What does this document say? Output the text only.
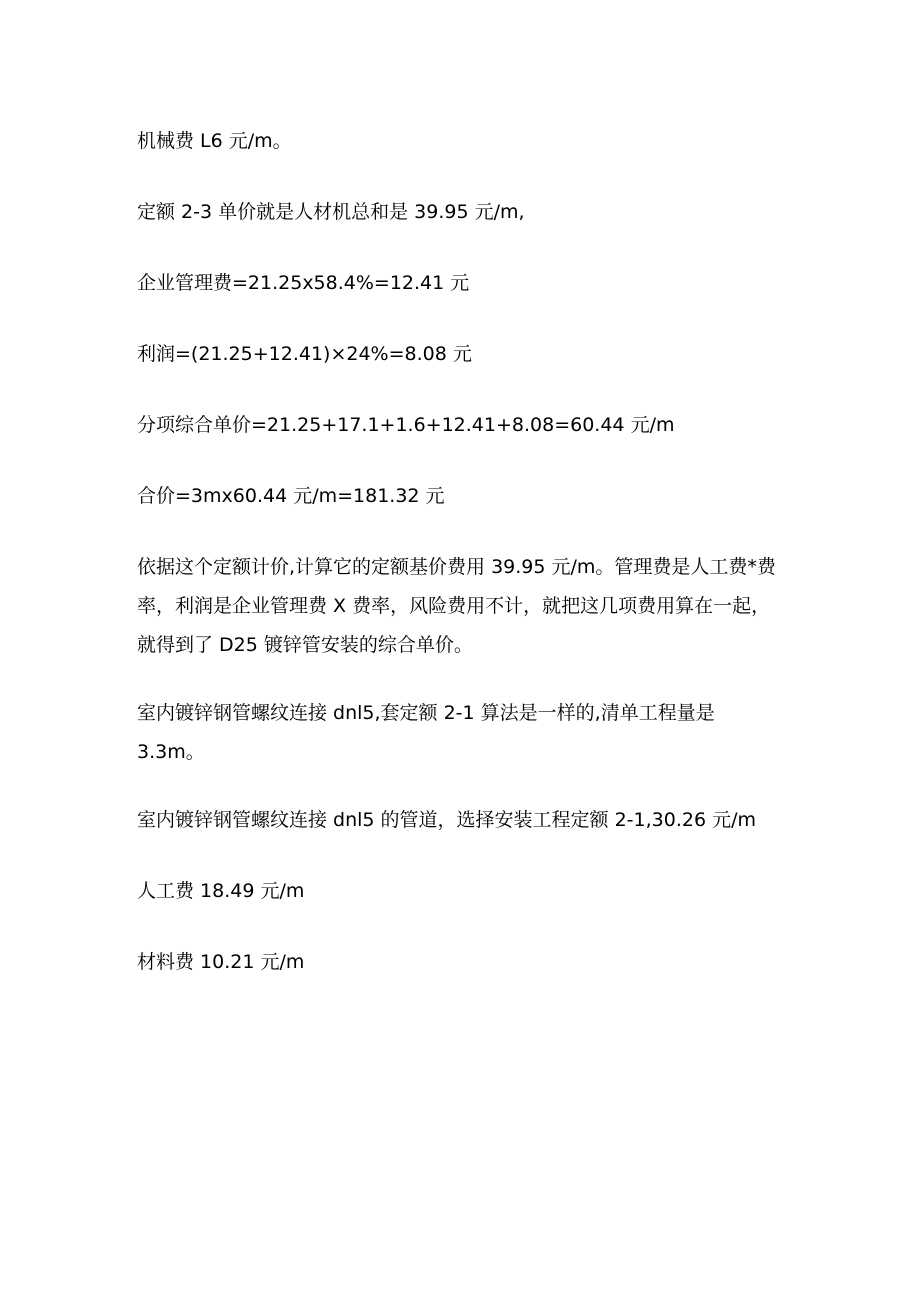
机械费 L6 元/m。

定额 2-3 单价就是人材机总和是 39.95 元/m,

企业管理费=21.25x58.4%=12.41 元

利润=(21.25+12.41)×24%=8.08 元

分项综合单价=21.25+17.1+1.6+12.41+8.08=60.44 元/m

合价=3mx60.44 元/m=181.32 元

依据这个定额计价,计算它的定额基价费用 39.95 元/m。管理费是人工费*费率，利润是企业管理费 X 费率，风险费用不计，就把这几项费用算在一起，就得到了 D25 镀锌管安装的综合单价。

室内镀锌钢管螺纹连接 dnl5,套定额 2-1 算法是一样的,清单工程量是 3.3m。

室内镀锌钢管螺纹连接 dnl5 的管道，选择安装工程定额 2-1,30.26 元/m

人工费 18.49 元/m

材料费 10.21 元/m
